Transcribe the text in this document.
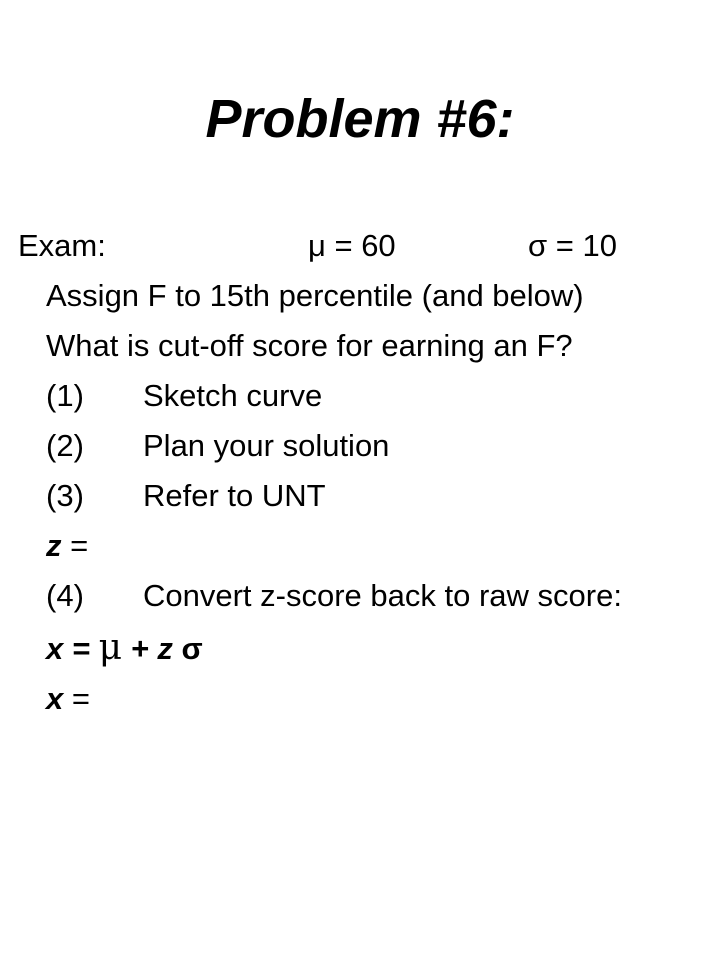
Problem #6:

Exam:	μ = 60	σ = 10

Assign F to 15th percentile (and below)

What is cut-off score for earning an F?

(1) Sketch curve

(2) Plan your solution

(3) Refer to UNT

z =

(4) Convert z-score back to raw score:

x = μ + z σ

x =
